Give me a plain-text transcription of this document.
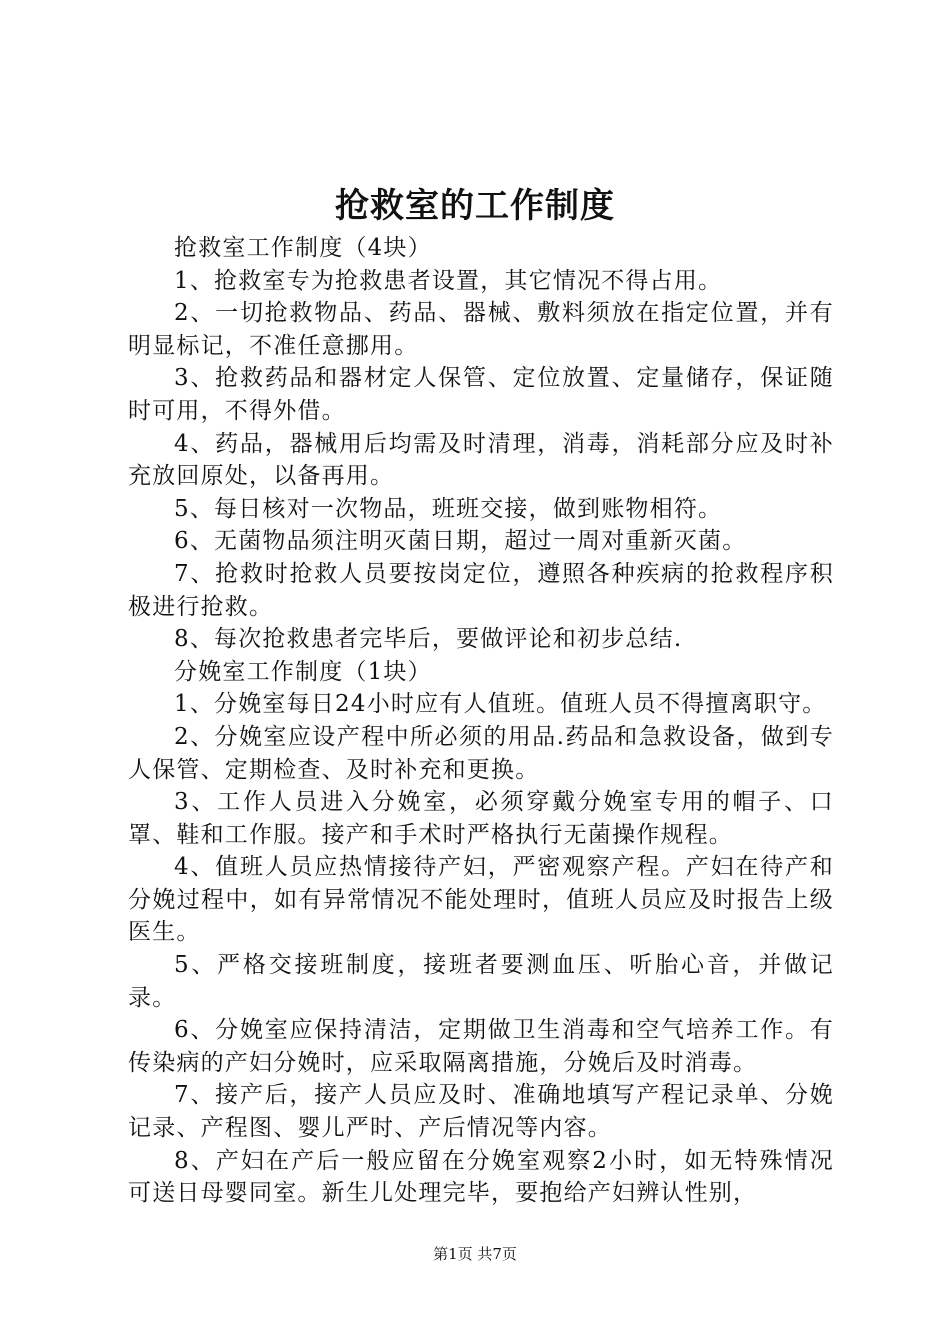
抢救室的工作制度

抢救室工作制度（4块）

1、抢救室专为抢救患者设置，其它情况不得占用。

2、一切抢救物品、药品、器械、敷料须放在指定位置，并有明显标记，不准任意挪用。

3、抢救药品和器材定人保管、定位放置、定量储存，保证随时可用，不得外借。

4、药品，器械用后均需及时清理，消毒，消耗部分应及时补充放回原处，以备再用。

5、每日核对一次物品，班班交接，做到账物相符。

6、无菌物品须注明灭菌日期，超过一周对重新灭菌。

7、抢救时抢救人员要按岗定位，遵照各种疾病的抢救程序积极进行抢救。

8、每次抢救患者完毕后，要做评论和初步总结.

分娩室工作制度（1块）

1、分娩室每日24小时应有人值班。值班人员不得擅离职守。

2、分娩室应设产程中所必须的用品.药品和急救设备，做到专人保管、定期检查、及时补充和更换。

3、工作人员进入分娩室，必须穿戴分娩室专用的帽子、口罩、鞋和工作服。接产和手术时严格执行无菌操作规程。

4、值班人员应热情接待产妇，严密观察产程。产妇在待产和分娩过程中，如有异常情况不能处理时，值班人员应及时报告上级医生。

5、严格交接班制度，接班者要测血压、听胎心音，并做记录。

6、分娩室应保持清洁，定期做卫生消毒和空气培养工作。有传染病的产妇分娩时，应采取隔离措施，分娩后及时消毒。

7、接产后，接产人员应及时、准确地填写产程记录单、分娩记录、产程图、婴儿严时、产后情况等内容。

8、产妇在产后一般应留在分娩室观察2小时，如无特殊情况可送日母婴同室。新生儿处理完毕，要抱给产妇辨认性别，

第1页 共7页
